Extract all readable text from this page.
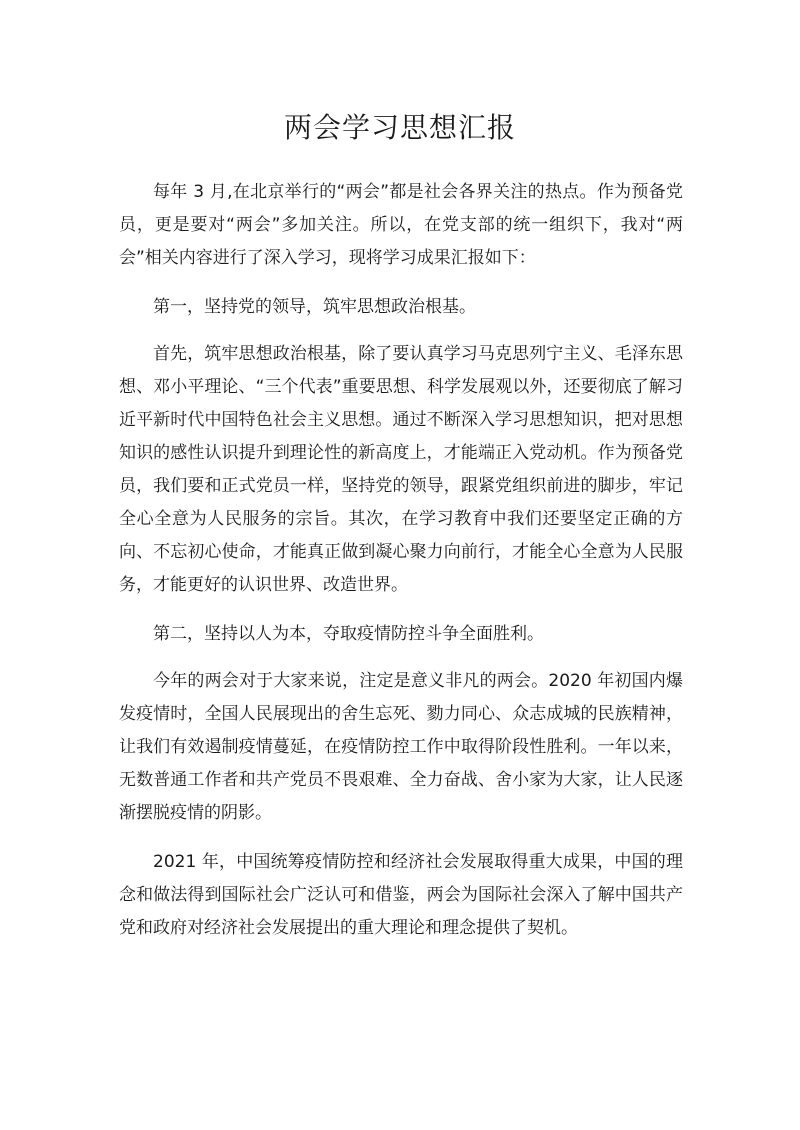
两会学习思想汇报

每年 3 月,在北京举行的“两会”都是社会各界关注的热点。作为预备党员，更是要对“两会”多加关注。所以，在党支部的统一组织下，我对“两会”相关内容进行了深入学习，现将学习成果汇报如下：

第一，坚持党的领导，筑牢思想政治根基。

首先，筑牢思想政治根基，除了要认真学习马克思列宁主义、毛泽东思想、邓小平理论、“三个代表”重要思想、科学发展观以外，还要彻底了解习近平新时代中国特色社会主义思想。通过不断深入学习思想知识，把对思想知识的感性认识提升到理论性的新高度上，才能端正入党动机。作为预备党员，我们要和正式党员一样，坚持党的领导，跟紧党组织前进的脚步，牢记全心全意为人民服务的宗旨。其次，在学习教育中我们还要坚定正确的方向、不忘初心使命，才能真正做到凝心聚力向前行，才能全心全意为人民服务，才能更好的认识世界、改造世界。

第二，坚持以人为本，夺取疫情防控斗争全面胜利。

今年的两会对于大家来说，注定是意义非凡的两会。2020 年初国内爆发疫情时，全国人民展现出的舍生忘死、勠力同心、众志成城的民族精神，让我们有效遏制疫情蔓延，在疫情防控工作中取得阶段性胜利。一年以来，无数普通工作者和共产党员不畏艰难、全力奋战、舍小家为大家，让人民逐渐摆脱疫情的阴影。

2021 年，中国统筹疫情防控和经济社会发展取得重大成果，中国的理念和做法得到国际社会广泛认可和借鉴，两会为国际社会深入了解中国共产党和政府对经济社会发展提出的重大理论和理念提供了契机。
